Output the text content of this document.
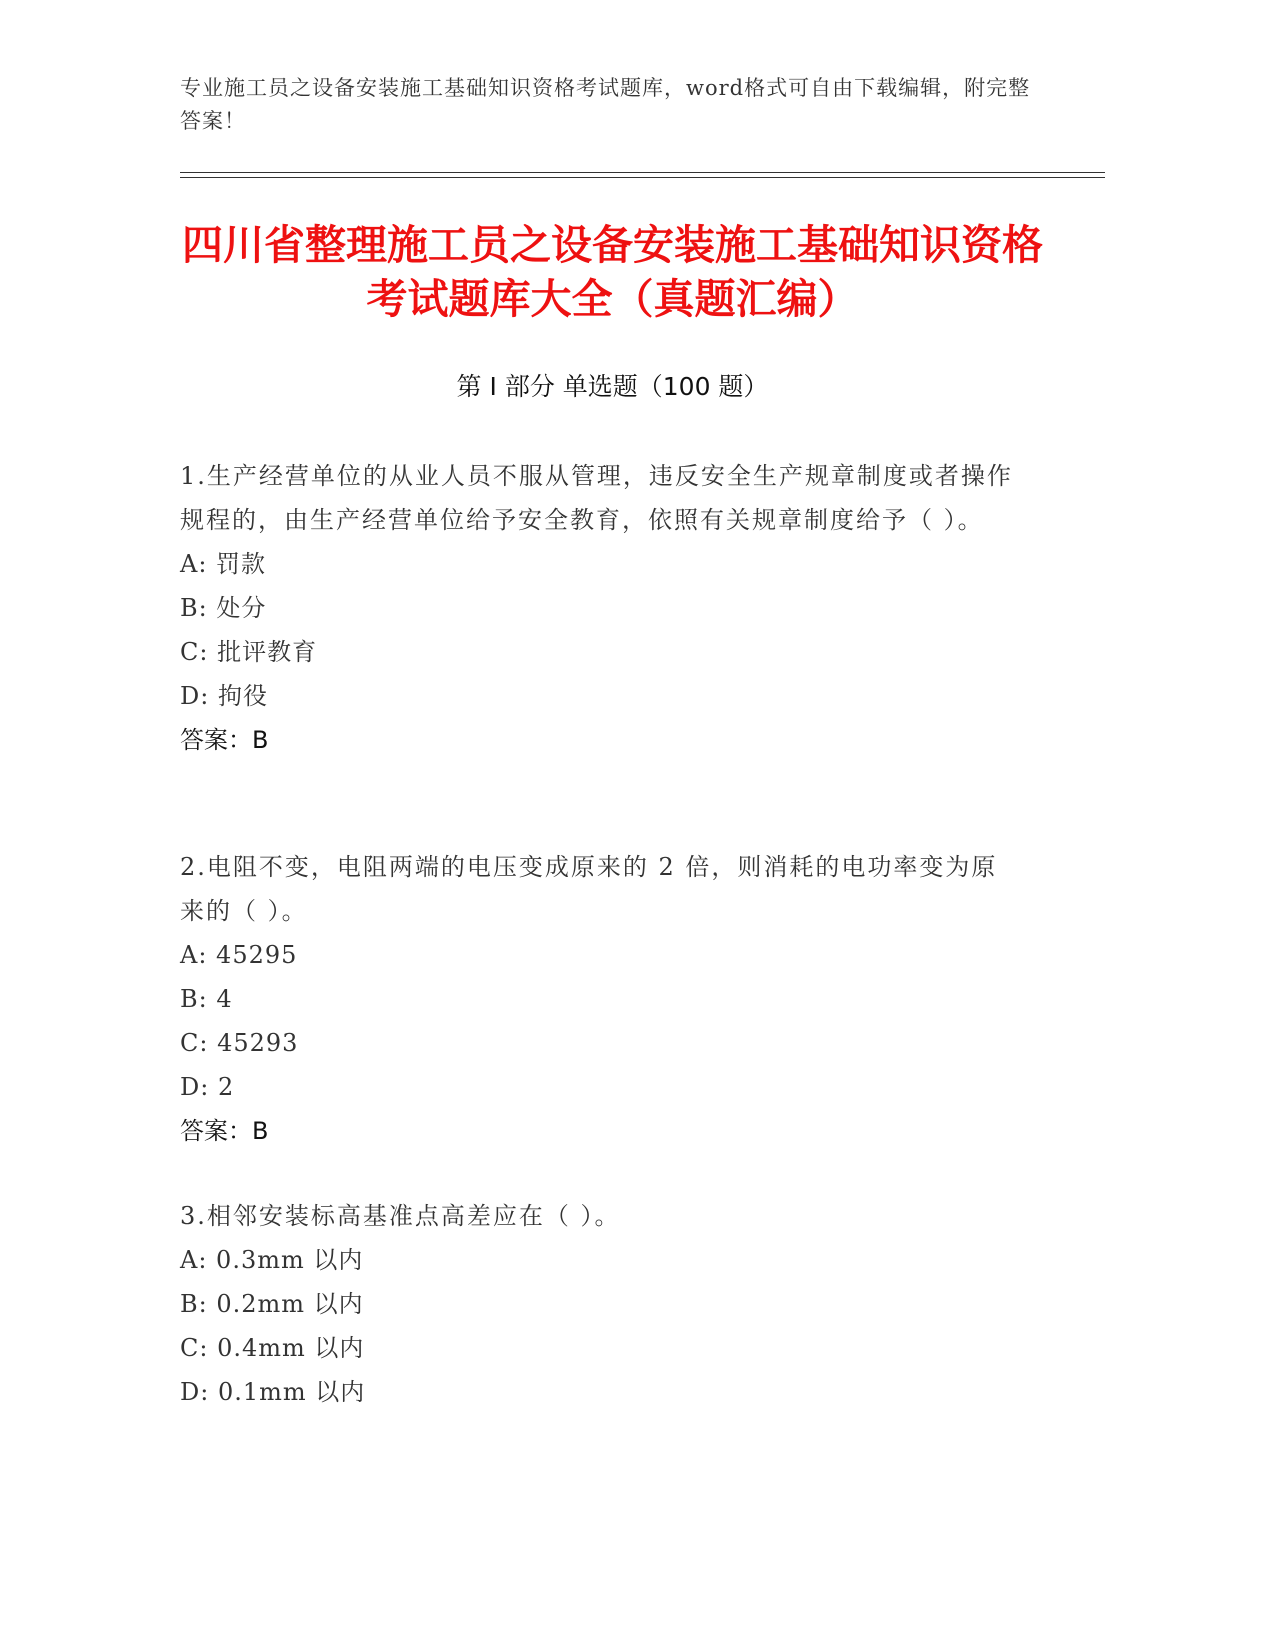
专业施工员之设备安装施工基础知识资格考试题库，word格式可自由下载编辑，附完整答案！
四川省整理施工员之设备安装施工基础知识资格考试题库大全（真题汇编）
第 I 部分 单选题（100 题）
1.生产经营单位的从业人员不服从管理，违反安全生产规章制度或者操作规程的，由生产经营单位给予安全教育，依照有关规章制度给予（ ）。
A: 罚款
B: 处分
C: 批评教育
D: 拘役
答案：B
2.电阻不变，电阻两端的电压变成原来的 2 倍，则消耗的电功率变为原来的（ ）。
A: 45295
B: 4
C: 45293
D: 2
答案：B
3.相邻安装标高基准点高差应在（ ）。
A: 0.3mm 以内
B: 0.2mm 以内
C: 0.4mm 以内
D: 0.1mm 以内
